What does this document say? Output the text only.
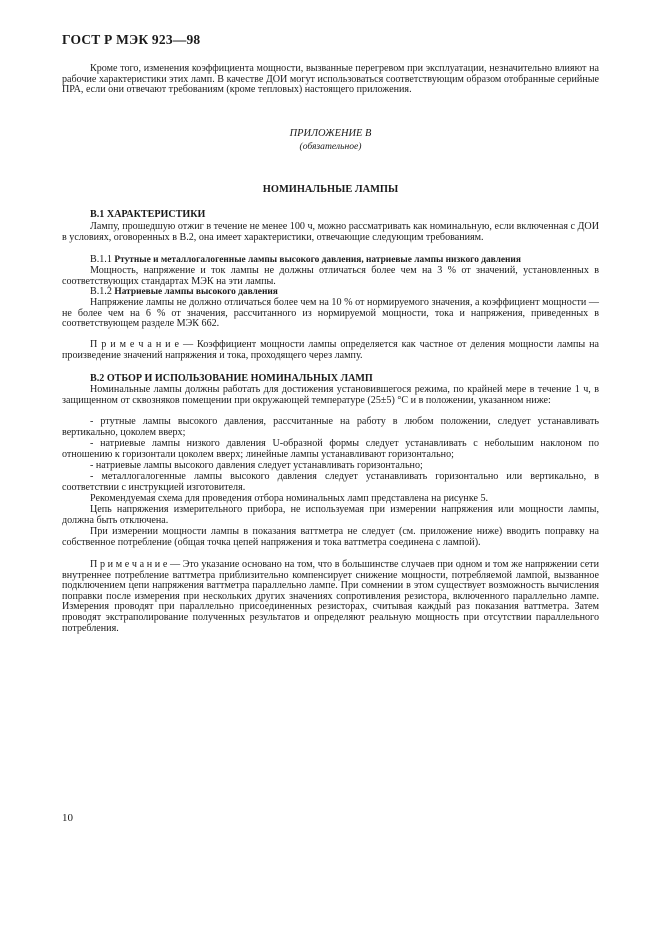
ГОСТ Р МЭК 923—98

Кроме того, изменения коэффициента мощности, вызванные перегревом при эксплуатации, незначительно влияют на рабочие характеристики этих ламп. В качестве ДОИ могут использоваться соответствующим образом отобранные серийные ПРА, если они отвечают требованиям (кроме тепловых) настоящего приложения.

ПРИЛОЖЕНИЕ В

(обязательное)

НОМИНАЛЬНЫЕ ЛАМПЫ

В.1 ХАРАКТЕРИСТИКИ

Лампу, прошедшую отжиг в течение не менее 100 ч, можно рассматривать как номинальную, если включенная с ДОИ в условиях, оговоренных в В.2, она имеет характеристики, отвечающие следующим требованиям.

В.1.1 Ртутные и металлогалогенные лампы высокого давления, натриевые лампы низкого давления

Мощность, напряжение и ток лампы не должны отличаться более чем на 3 % от значений, установленных в соответствующих стандартах МЭК на эти лампы.

В.1.2 Натриевые лампы высокого давления

Напряжение лампы не должно отличаться более чем на 10 % от нормируемого значения, а коэффициент мощности — не более чем на 6 % от значения, рассчитанного из нормируемой мощности, тока и напряжения, приведенных в соответствующем разделе МЭК 662.

П р и м е ч а н и е — Коэффициент мощности лампы определяется как частное от деления мощности лампы на произведение значений напряжения и тока, проходящего через лампу.

В.2 ОТБОР И ИСПОЛЬЗОВАНИЕ НОМИНАЛЬНЫХ ЛАМП

Номинальные лампы должны работать для достижения установившегося режима, по крайней мере в течение 1 ч, в защищенном от сквозняков помещении при окружающей температуре (25±5) °С и в положении, указанном ниже:

- ртутные лампы высокого давления, рассчитанные на работу в любом положении, следует устанавливать вертикально, цоколем вверх;

- натриевые лампы низкого давления U-образной формы следует устанавливать с небольшим наклоном по отношению к горизонтали цоколем вверх; линейные лампы устанавливают горизонтально;

- натриевые лампы высокого давления следует устанавливать горизонтально;

- металлогалогенные лампы высокого давления следует устанавливать горизонтально или вертикально, в соответствии с инструкцией изготовителя.

Рекомендуемая схема для проведения отбора номинальных ламп представлена на рисунке 5.

Цепь напряжения измерительного прибора, не используемая при измерении напряжения или мощности лампы, должна быть отключена.

При измерении мощности лампы в показания ваттметра не следует (см. приложение ниже) вводить поправку на собственное потребление (общая точка цепей напряжения и тока ваттметра соединена с лампой).

П р и м е ч а н и е — Это указание основано на том, что в большинстве случаев при одном и том же напряжении сети внутреннее потребление ваттметра приблизительно компенсирует снижение мощности, потребляемой лампой, вызванное подключением цепи напряжения ваттметра параллельно лампе. При сомнении в этом существует возможность вычисления поправки после измерения при нескольких других значениях сопротивления резистора, включенного параллельно лампе. Измерения проводят при параллельно присоединенных резисторах, считывая каждый раз показания ваттметра. Затем проводят экстраполирование полученных результатов и определяют реальную мощность при отсутствии параллельного потребления.

10
